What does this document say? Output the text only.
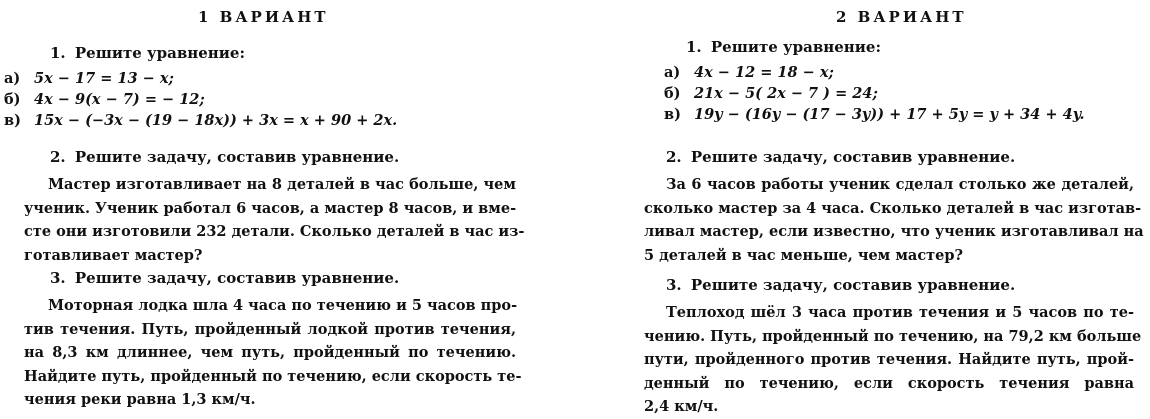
1 ВАРИАНТ
1. Решите уравнение:
а) 5x − 17 = 13 − x;
б) 4x − 9(x − 7) = − 12;
в) 15x − (−3x − (19 − 18x)) + 3x = x + 90 + 2x.
2. Решите задачу, составив уравнение.
Мастер изготавливает на 8 деталей в час больше, чем
ученик. Ученик работал 6 часов, а мастер 8 часов, и вме-
сте они изготовили 232 детали. Сколько деталей в час из-
готавливает мастер?
3. Решите задачу, составив уравнение.
Моторная лодка шла 4 часа по течению и 5 часов про-
тив течения. Путь, пройденный лодкой против течения,
на 8,3 км длиннее, чем путь, пройденный по течению.
Найдите путь, пройденный по течению, если скорость те-
чения реки равна 1,3 км/ч.
2 ВАРИАНТ
1. Решите уравнение:
а) 4x − 12 = 18 − x;
б) 21x − 5( 2x − 7 ) = 24;
в) 19y − (16y − (17 − 3y)) + 17 + 5y = y + 34 + 4y.
2. Решите задачу, составив уравнение.
За 6 часов работы ученик сделал столько же деталей,
сколько мастер за 4 часа. Сколько деталей в час изготав-
ливал мастер, если известно, что ученик изготавливал на
5 деталей в час меньше, чем мастер?
3. Решите задачу, составив уравнение.
Теплоход шёл 3 часа против течения и 5 часов по те-
чению. Путь, пройденный по течению, на 79,2 км больше
пути, пройденного против течения. Найдите путь, прой-
денный по течению, если скорость течения равна
2,4 км/ч.
